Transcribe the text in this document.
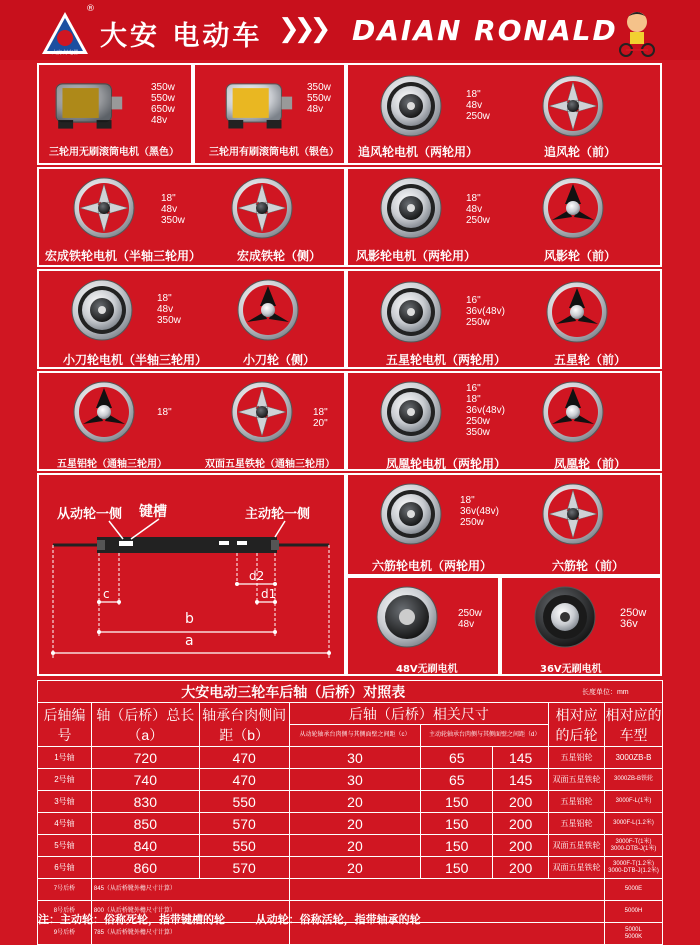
大安·好电器
®
大安 电动车 ❯❯❯ DAIAN RONALD
350w
550w
650w
48v
三轮用无刷滚筒电机（黑色）
350w
550w
48v
三轮用有刷滚筒电机（银色）
18"
48v
250w
追风轮电机（两轮用）	追风轮（前）
18"
48v
350w
宏成铁轮电机（半轴三轮用）	宏成铁轮（侧）
18"
48v
250w
风影轮电机（两轮用）	风影轮（前）
18"
48v
350w
小刀轮电机（半轴三轮用）	小刀轮（侧）
16"
36v(48v)
250w
五星轮电机（两轮用）	五星轮（前）
18"	18"
20"
五星铝轮（通轴三轮用）	双面五星铁轮（通轴三轮用）
16"
18"
36v(48v)
250w
350w
凤凰轮电机（两轮用）	凤凰轮（前）
从动轮一侧 键槽	主动轮一侧
c
d2
d1
b
a
18"
36v(48v)
250w
六筋轮电机（两轮用）	六筋轮（前）
250w
48v
48V无刷电机
250w
36v
36V无刷电机
大安电动三轮车后轴（后桥）对照表						长度单位：mm	
后轴编号	轴（后桥）总长（a）	轴承台肉侧间距（b）	后轴（后桥）相关尺寸			相对应的后轮	相对应的车型
			从动轮轴承台肉侧与其侧面壁之间距（c）	主动轮轴承台肉侧与其侧面壁之间距（d）			
1号轴	720	470	30	65	145	五星铝轮	3000ZB-B
2号轴	740	470	30	65	145	双面五星铁轮	3000ZB-B铁轮
3号轴	830	550	20	150	200	五星铝轮	3000F-L(1米)
4号轴	850	570	20	150	200	五星铝轮	3000F-L(1.2米)
5号轴	840	550	20	150	200	双面五星铁轮	3000F-T(1米)
3000-DTB-J(1米)

6号轴	860	570	20	150	200	双面五星铁轮	3000F-T(1.2米)
3000-DTB-J(1.2米)

7号后桥	845（从后桥靴外檐尺寸计算）						5000E
8号后桥	800（从后桥靴外檐尺寸计算）						5000H
9号后桥	785（从后桥靴外檐尺寸计算）						5000L
5000K
注：主动轮：俗称死轮，指带键槽的轮        从动轮：俗称活轮，指带轴承的轮
